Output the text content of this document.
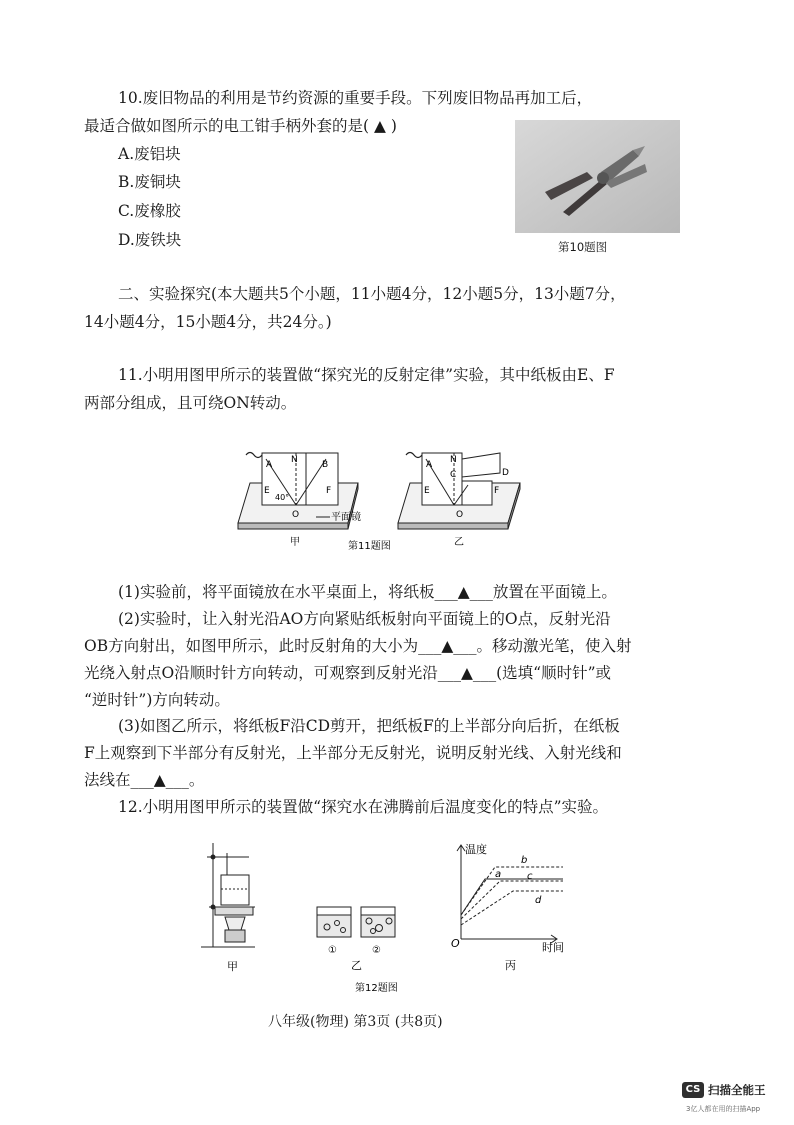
10.废旧物品的利用是节约资源的重要手段。下列废旧物品再加工后，
最适合做如图所示的电工钳手柄外套的是( ▲ )
A.废铝块
B.废铜块
C.废橡胶
D.废铁块	第10题图
二、实验探究(本大题共5个小题，11小题4分，12小题5分，13小题7分，
14小题4分，15小题4分，共24分。)
11.小明用图甲所示的装置做“探究光的反射定律”实验，其中纸板由E、F
两部分组成，且可绕ON转动。
A N	B
E
40°
F
O	平面镜
甲
A N
C	D
E
O
F
乙
第11题图
(1)实验前，将平面镜放在水平桌面上，将纸板___▲___放置在平面镜上。
(2)实验时，让入射光沿AO方向紧贴纸板射向平面镜上的O点，反射光沿
OB方向射出，如图甲所示，此时反射角的大小为___▲___。移动激光笔，使入射
光绕入射点O沿顺时针方向转动，可观察到反射光沿___▲___(选填“顺时针”或
“逆时针”)方向转动。
(3)如图乙所示，将纸板F沿CD剪开，把纸板F的上半部分向后折，在纸板
F上观察到下半部分有反射光，上半部分无反射光，说明反射光线、入射光线和
法线在___▲___。
12.小明用图甲所示的装置做“探究水在沸腾前后温度变化的特点”实验。
甲
①	②
乙
温度
时间
O
a
b
c
d
丙
第12题图
八年级(物理) 第3页 (共8页)
CS 扫描全能王
3亿人都在用的扫描App
